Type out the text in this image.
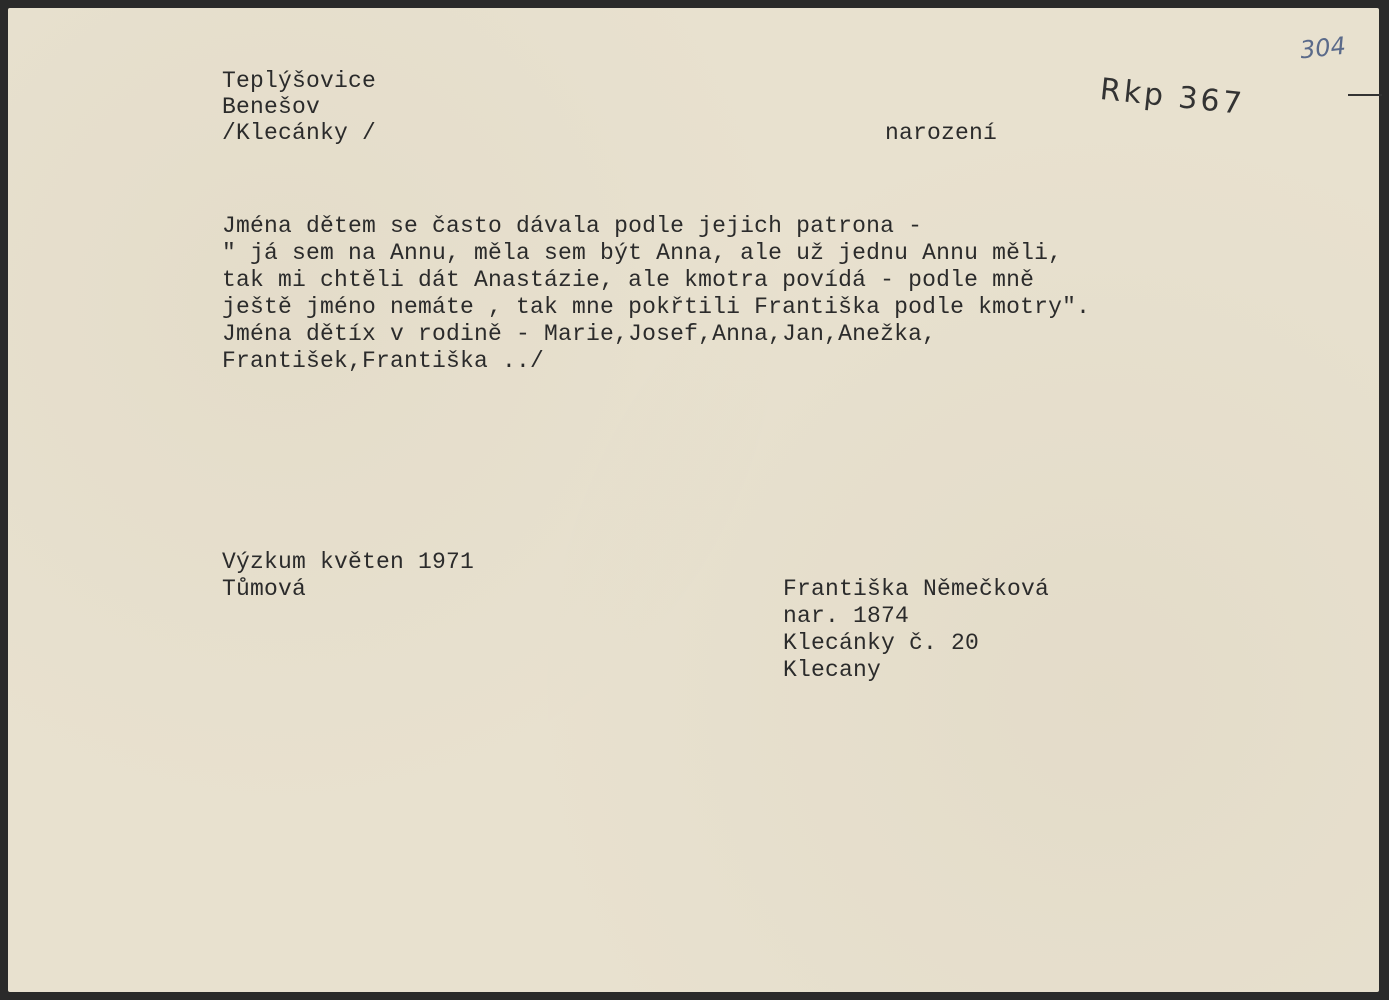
304
Rkp 367
Teplýšovice
Benešov
/Klecánky /	narození
Jména dětem se často dávala podle jejich patrona -
" já sem na Annu, měla sem být Anna, ale už jednu Annu měli,
tak mi chtěli dát Anastázie, ale kmotra povídá - podle mně
ještě jméno nemáte , tak mne pokřtili Františka podle kmotry".
Jména dětíx v rodině - Marie,Josef,Anna,Jan,Anežka,
František,Františka ../
Výzkum květen 1971
Tůmová	Františka Němečková
nar. 1874
Klecánky č. 20
Klecany
